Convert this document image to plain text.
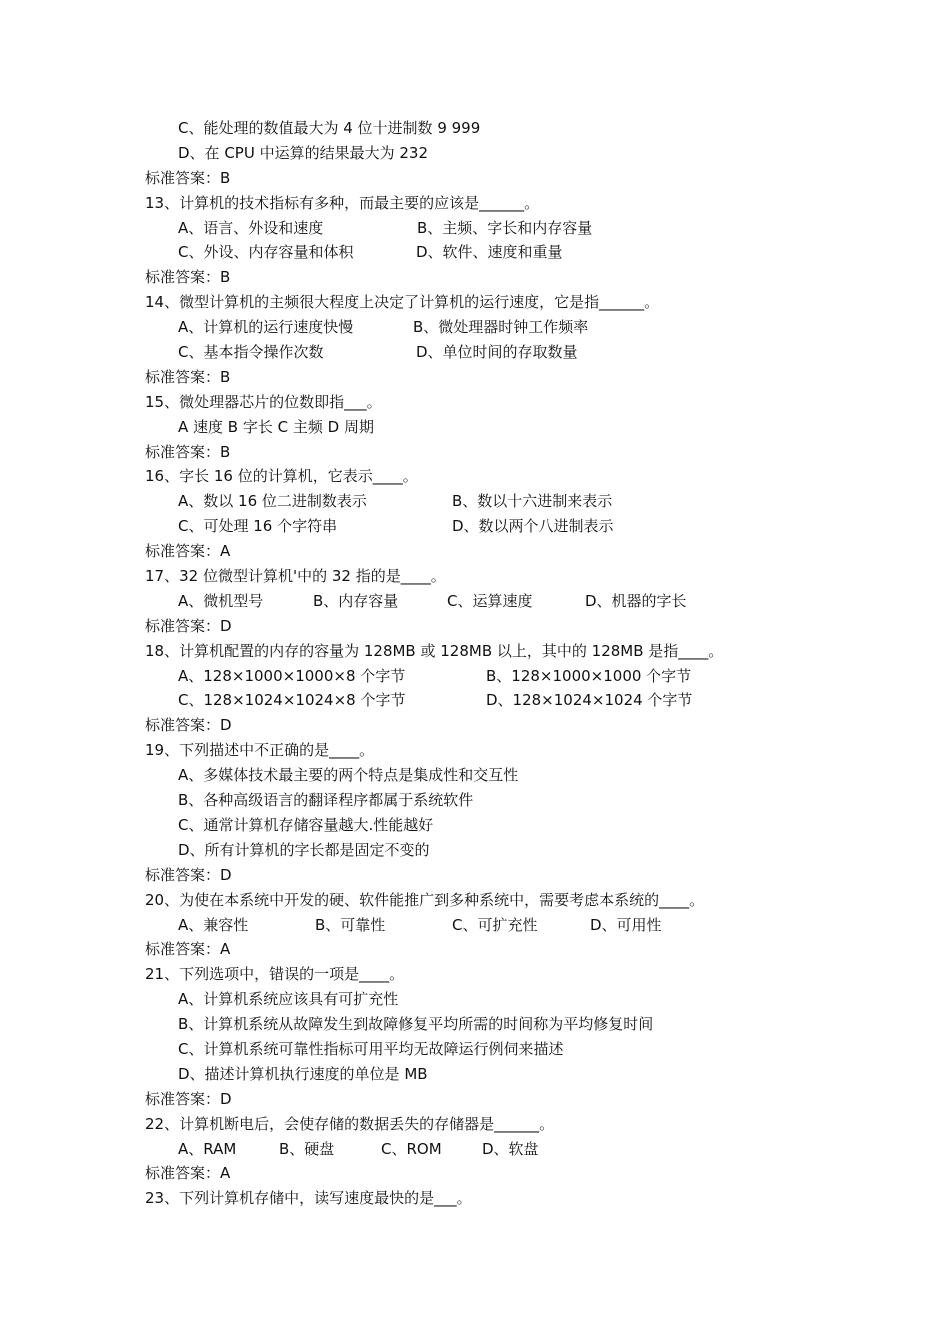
C、能处理的数值最大为 4 位十进制数 9 999
D、在 CPU 中运算的结果最大为 232
标准答案：B
13、计算机的技术指标有多种，而最主要的应该是______。
A、语言、外设和速度	B、主频、字长和内存容量
C、外设、内存容量和体积	D、软件、速度和重量
标准答案：B
14、微型计算机的主频很大程度上决定了计算机的运行速度，它是指______。
A、计算机的运行速度快慢	B、微处理器时钟工作频率
C、基本指令操作次数	D、单位时间的存取数量
标准答案：B
15、微处理器芯片的位数即指___。
A 速度 B 字长 C 主频 D 周期
标准答案：B
16、字长 16 位的计算机，它表示____。
A、数以 16 位二进制数表示	B、数以十六进制来表示
C、可处理 16 个字符串	D、数以两个八进制表示
标准答案：A
17、32 位微型计算机'中的 32 指的是____。
A、微机型号	B、内存容量	C、运算速度	D、机器的字长
标准答案：D
18、计算机配置的内存的容量为 128MB 或 128MB 以上，其中的 128MB 是指____。
A、128×1000×1000×8 个字节	B、128×1000×1000 个字节
C、128×1024×1024×8 个字节	D、128×1024×1024 个字节
标准答案：D
19、下列描述中不正确的是____。
A、多媒体技术最主要的两个特点是集成性和交互性
B、各种高级语言的翻译程序都属于系统软件
C、通常计算机存储容量越大.性能越好
D、所有计算机的字长都是固定不变的
标准答案：D
20、为使在本系统中开发的硬、软件能推广到多种系统中，需要考虑本系统的____。
A、兼容性	B、可靠性	C、可扩充性	D、可用性
标准答案：A
21、下列选项中，错误的一项是____。
A、计算机系统应该具有可扩充性
B、计算机系统从故障发生到故障修复平均所需的时间称为平均修复时间
C、计算机系统可靠性指标可用平均无故障运行例伺来描述
D、描述计算机执行速度的单位是 MB
标准答案：D
22、计算机断电后，会使存储的数据丢失的存储器是______。
A、RAM	B、硬盘	C、ROM	D、软盘
标准答案：A
23、下列计算机存储中，读写速度最快的是___。
